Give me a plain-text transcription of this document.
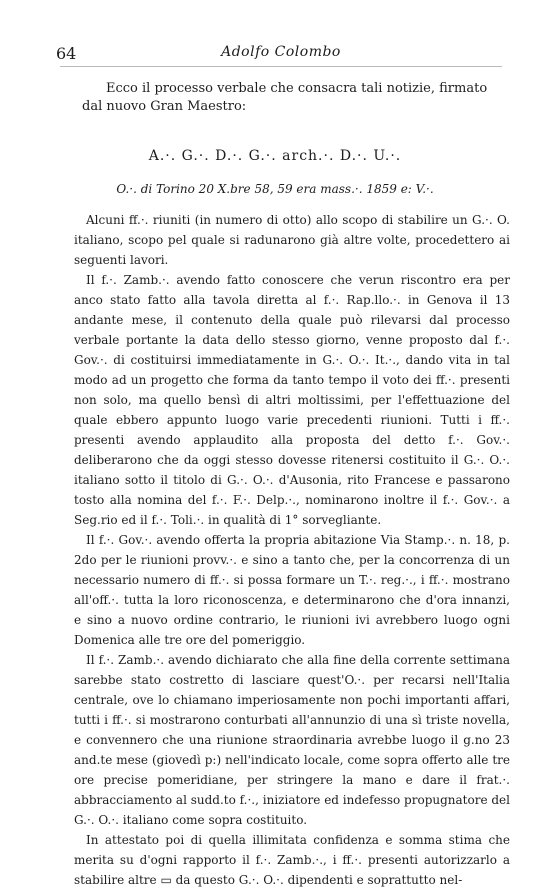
64	Adolfo Colombo

Ecco il processo verbale che consacra tali notizie, firmato dal nuovo Gran Maestro:

A.·. G.·. D.·. G.·. arch.·. D.·. U.·.
O.·. di Torino 20 X.bre 58, 59 era mass.·. 1859 e: V.·.

Alcuni ff.·. riuniti (in numero di otto) allo scopo di stabilire un G.·. O. italiano, scopo pel quale si radunarono già altre volte, procedettero ai seguenti lavori.

Il f.·. Zamb.·. avendo fatto conoscere che verun riscontro era per anco stato fatto alla tavola diretta al f.·. Rap.llo.·. in Genova il 13 andante mese, il contenuto della quale può rilevarsi dal processo verbale portante la data dello stesso giorno, venne proposto dal f.·. Gov.·. di costituirsi immediatamente in G.·. O.·. It.·., dando vita in tal modo ad un progetto che forma da tanto tempo il voto dei ff.·. presenti non solo, ma quello bensì di altri moltissimi, per l'effettuazione del quale ebbero appunto luogo varie precedenti riunioni. Tutti i ff.·. presenti avendo applaudito alla proposta del detto f.·. Gov.·. deliberarono che da oggi stesso dovesse ritenersi costituito il G.·. O.·. italiano sotto il titolo di G.·. O.·. d'Ausonia, rito Francese e passarono tosto alla nomina del f.·. F.·. Delp.·., nominarono inoltre il f.·. Gov.·. a Seg.rio ed il f.·. Toli.·. in qualità di 1° sorvegliante.

Il f.·. Gov.·. avendo offerta la propria abitazione Via Stamp.·. n. 18, p. 2do per le riunioni provv.·. e sino a tanto che, per la concorrenza di un necessario numero di ff.·. si possa formare un T.·. reg.·., i ff.·. mostrano all'off.·. tutta la loro riconoscenza, e determinarono che d'ora innanzi, e sino a nuovo ordine contrario, le riunioni ivi avrebbero luogo ogni Domenica alle tre ore del pomeriggio.

Il f.·. Zamb.·. avendo dichiarato che alla fine della corrente settimana sarebbe stato costretto di lasciare quest'O.·. per recarsi nell'Italia centrale, ove lo chiamano imperiosamente non pochi importanti affari, tutti i ff.·. si mostrarono conturbati all'annunzio di una sì triste novella, e convennero che una riunione straordinaria avrebbe luogo il g.no 23 and.te mese (giovedì p:) nell'indicato locale, come sopra offerto alle tre ore precise pomeridiane, per stringere la mano e dare il frat.·. abbracciamento al sudd.to f.·., iniziatore ed indefesso propugnatore del G.·. O.·. italiano come sopra costituito.

In attestato poi di quella illimitata confidenza e somma stima che merita su d'ogni rapporto il f.·. Zamb.·., i ff.·. presenti autorizzarlo a stabilire altre ▭ da questo G.·. O.·. dipendenti e soprattutto nel-
